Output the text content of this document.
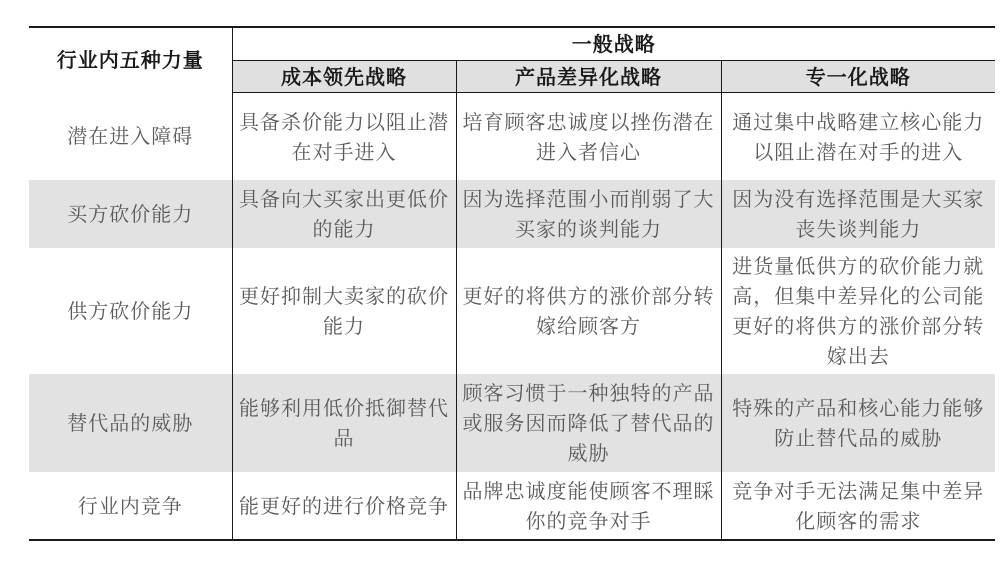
行业内五种力量	一般战略		
	成本领先战略	产品差异化战略	专一化战略
潜在进入障碍	具备杀价能力以阻止潜在对手进入	培育顾客忠诚度以挫伤潜在进入者信心	通过集中战略建立核心能力以阻止潜在对手的进入
买方砍价能力	具备向大买家出更低价的能力	因为选择范围小而削弱了大买家的谈判能力	因为没有选择范围是大买家丧失谈判能力
供方砍价能力	更好抑制大卖家的砍价能力	更好的将供方的涨价部分转嫁给顾客方	进货量低供方的砍价能力就高，但集中差异化的公司能更好的将供方的涨价部分转嫁出去
替代品的威胁	能够利用低价抵御替代品	顾客习惯于一种独特的产品或服务因而降低了替代品的威胁	特殊的产品和核心能力能够防止替代品的威胁
行业内竞争	能更好的进行价格竞争	品牌忠诚度能使顾客不理睬你的竞争对手	竞争对手无法满足集中差异化顾客的需求
